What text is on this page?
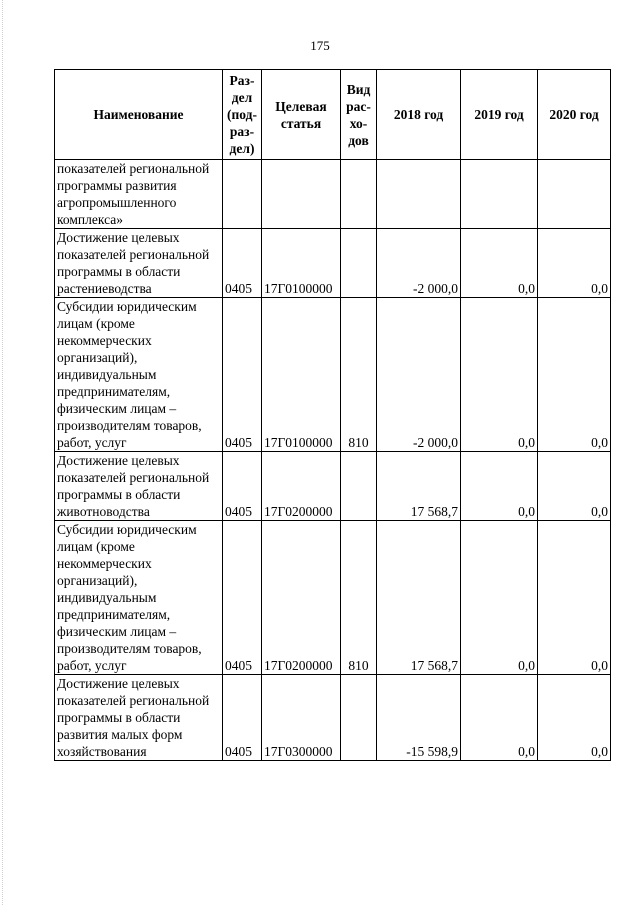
175
Наименование	Раз-дел (под-раз-дел)	Целевая статья	Вид рас-хо-дов	2018 год	2019 год	2020 год
показателей региональной программы развития агропромышленного комплекса»						
Достижение целевых показателей региональной программы в области растениеводства	0405	17Г0100000		-2 000,0	0,0	0,0
Субсидии юридическим лицам (кроме некоммерческих организаций), индивидуальным предпринимателям, физическим лицам – производителям товаров, работ, услуг	0405	17Г0100000	810	-2 000,0	0,0	0,0
Достижение целевых показателей региональной программы в области животноводства	0405	17Г0200000		17 568,7	0,0	0,0
Субсидии юридическим лицам (кроме некоммерческих организаций), индивидуальным предпринимателям, физическим лицам – производителям товаров, работ, услуг	0405	17Г0200000	810	17 568,7	0,0	0,0
Достижение целевых показателей региональной программы в области развития малых форм хозяйствования	0405	17Г0300000		-15 598,9	0,0	0,0
